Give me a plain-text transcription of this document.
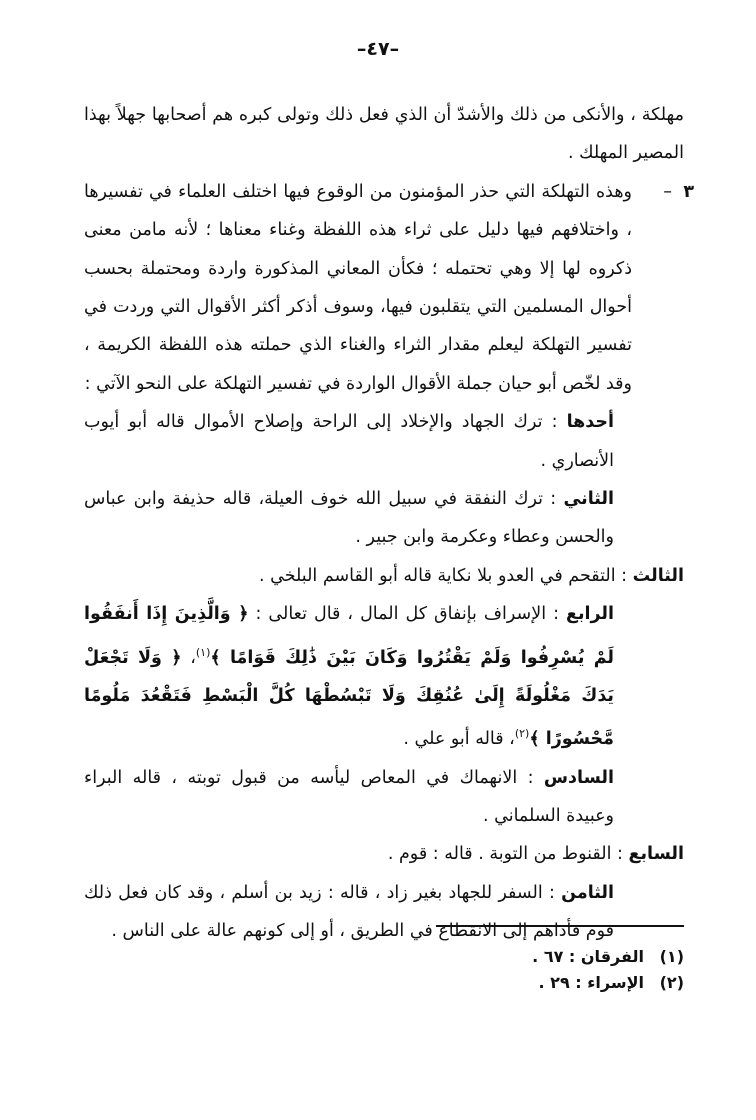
–٤٧–

مهلكة ، والأنكى من ذلك والأشدّ أن الذي فعل ذلك وتولى كبره هم أصحابها جهلاً بهذا المصير المهلك .

٣
–
وهذه التهلكة التي حذر المؤمنون من الوقوع فيها اختلف العلماء في تفسيرها ، واختلافهم فيها دليل على ثراء هذه اللفظة وغناء معناها ؛ لأنه مامن معنى ذكروه لها إلا وهي تحتمله ؛ فكأن المعاني المذكورة واردة ومحتملة بحسب أحوال المسلمين التي يتقلبون فيها، وسوف أذكر أكثر الأقوال التي وردت في تفسير التهلكة ليعلم مقدار الثراء والغناء الذي حملته هذه اللفظة الكريمة ، وقد لخّص أبو حيان جملة الأقوال الواردة في تفسير التهلكة على النحو الآتي :

أحدها : ترك الجهاد والإخلاد إلى الراحة وإصلاح الأموال قاله أبو أيوب الأنصاري .

الثاني : ترك النفقة في سبيل الله خوف العيلة، قاله حذيفة وابن عباس والحسن وعطاء وعكرمة وابن جبير .

الثالث : التقحم في العدو بلا نكاية قاله أبو القاسم البلخي .

الرابع : الإسراف بإنفاق كل المال ، قال تعالى : ﴿ وَالَّذِينَ إِذَا أَنفَقُوا لَمْ يُسْرِفُوا وَلَمْ يَقْتُرُوا وَكَانَ بَيْنَ ذَٰلِكَ قَوَامًا ﴾$^{(١)}$، ﴿ وَلَا تَجْعَلْ يَدَكَ مَغْلُولَةً إِلَىٰ عُنُقِكَ وَلَا تَبْسُطْهَا كُلَّ الْبَسْطِ فَتَقْعُدَ مَلُومًا مَّحْسُورًا ﴾$^{(٢)}$، قاله أبو علي .

السادس : الانهماك في المعاص ليأسه من قبول توبته ، قاله البراء وعبيدة السلماني .

السابع : القنوط من التوبة . قاله : قوم .

الثامن : السفر للجهاد بغير زاد ، قاله : زيد بن أسلم ، وقد كان فعل ذلك قوم فأداهم إلى الانقطاع في الطريق ، أو إلى كونهم عالة على الناس .

(١)الفرقان : ٦٧ .

(٢)الإسراء : ٢٩ .
